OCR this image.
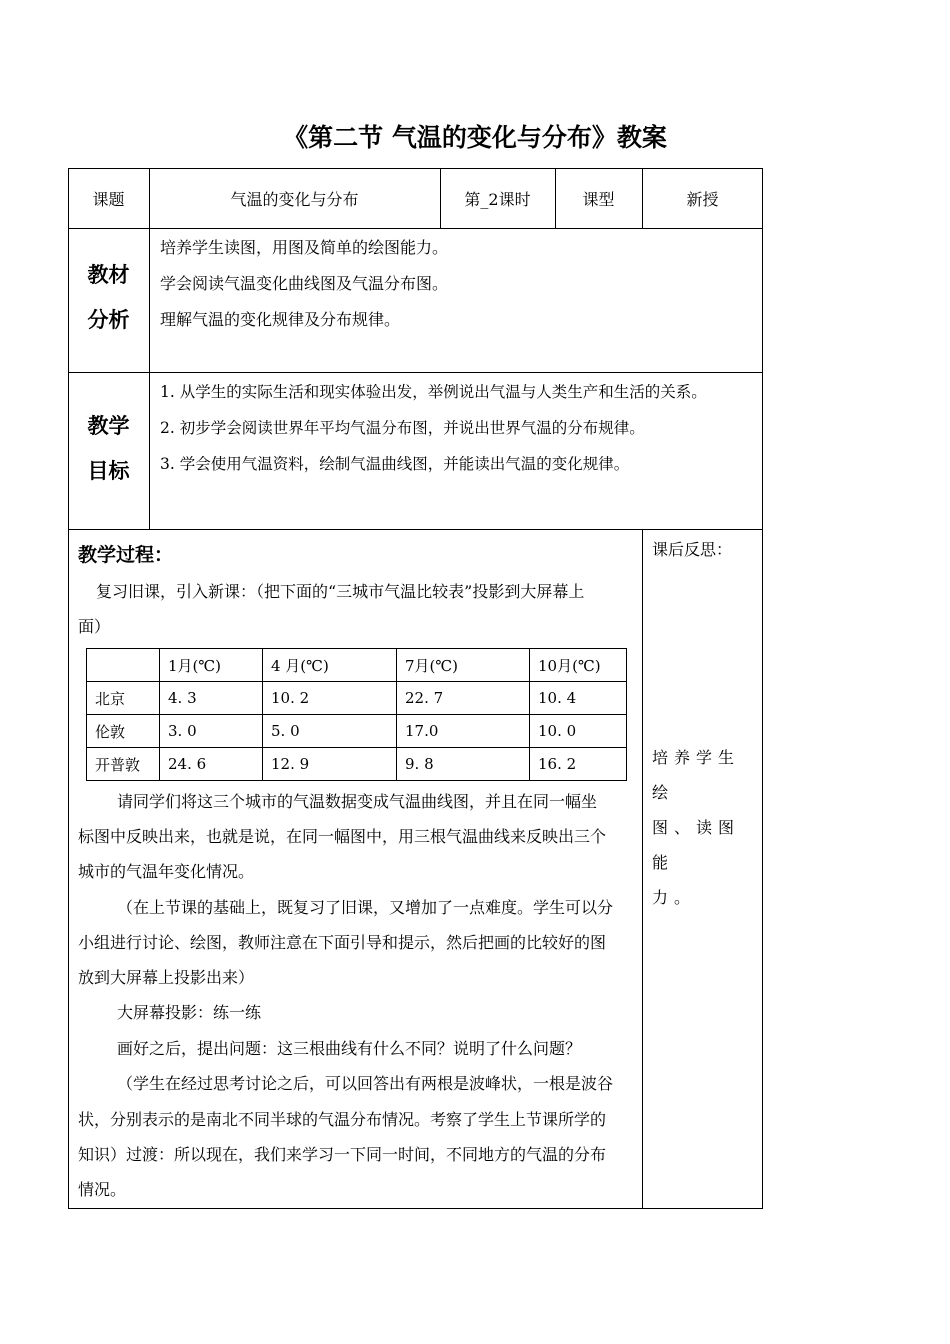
《第二节 气温的变化与分布》教案
课题	气温的变化与分布	第_2课时	课型	新授
教材
分析
培养学生读图，用图及简单的绘图能力。
学会阅读气温变化曲线图及气温分布图。
理解气温的变化规律及分布规律。
教学
目标
1. 从学生的实际生活和现实体验出发，举例说出气温与人类生产和生活的关系。
2. 初步学会阅读世界年平均气温分布图，并说出世界气温的分布规律。
3. 学会使用气温资料，绘制气温曲线图，并能读出气温的变化规律。
教学过程：
复习旧课，引入新课：（把下面的“三城市气温比较表”投影到大屏幕上
面）
	1月(℃)	4 月(℃)	7月(℃)	10月(℃)
北京	4. 3	10. 2	22. 7	10. 4
伦敦	3. 0	5. 0	17.0	10. 0
开普敦	24. 6	12. 9	9. 8	16. 2
请同学们将这三个城市的气温数据变成气温曲线图，并且在同一幅坐
标图中反映出来，也就是说，在同一幅图中，用三根气温曲线来反映出三个
城市的气温年变化情况。
（在上节课的基础上，既复习了旧课，又增加了一点难度。学生可以分
小组进行讨论、绘图，教师注意在下面引导和提示，然后把画的比较好的图
放到大屏幕上投影出来）
大屏幕投影：练一练
画好之后，提出问题：这三根曲线有什么不同？说明了什么问题？
（学生在经过思考讨论之后，可以回答出有两根是波峰状，一根是波谷
状，分别表示的是南北不同半球的气温分布情况。考察了学生上节课所学的
知识）过渡：所以现在，我们来学习一下同一时间，不同地方的气温的分布
情况。
课后反思：
培养学生绘
图、读图能
力。
